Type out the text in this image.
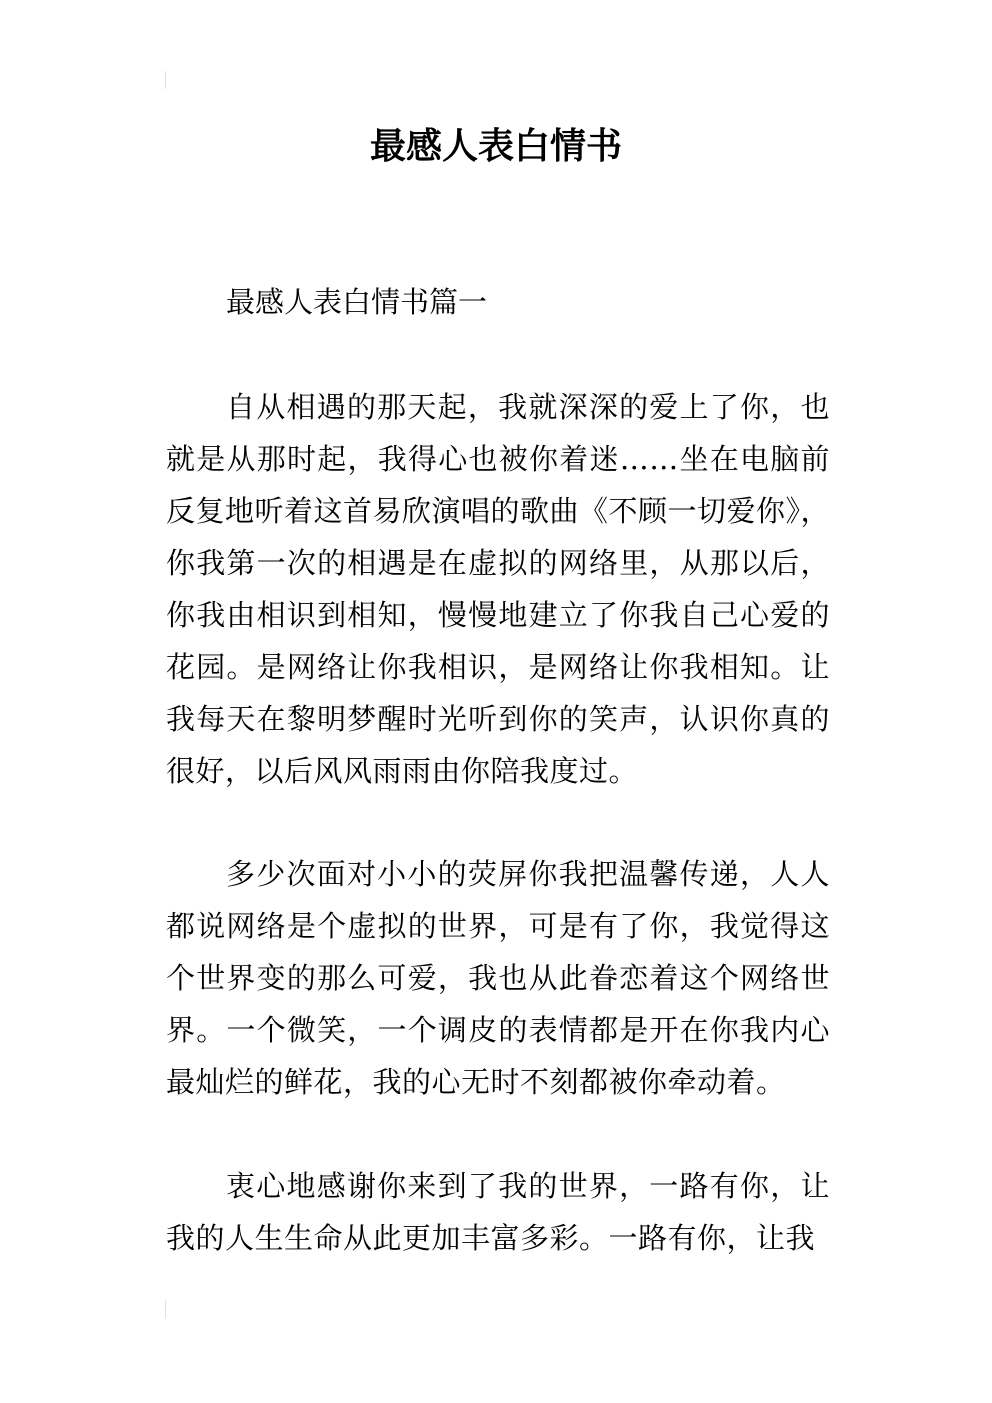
最感人表白情书
最感人表白情书篇一

自从相遇的那天起，我就深深的爱上了你，也就是从那时起，我得心也被你着迷……坐在电脑前反复地听着这首易欣演唱的歌曲《不顾一切爱你》，你我第一次的相遇是在虚拟的网络里，从那以后，你我由相识到相知，慢慢地建立了你我自己心爱的花园。是网络让你我相识，是网络让你我相知。让我每天在黎明梦醒时光听到你的笑声，认识你真的很好，以后风风雨雨由你陪我度过。

多少次面对小小的荧屏你我把温馨传递，人人都说网络是个虚拟的世界，可是有了你，我觉得这个世界变的那么可爱，我也从此眷恋着这个网络世界。一个微笑，一个调皮的表情都是开在你我内心最灿烂的鲜花，我的心无时不刻都被你牵动着。

衷心地感谢你来到了我的世界，一路有你，让我的人生生命从此更加丰富多彩。一路有你，让我
